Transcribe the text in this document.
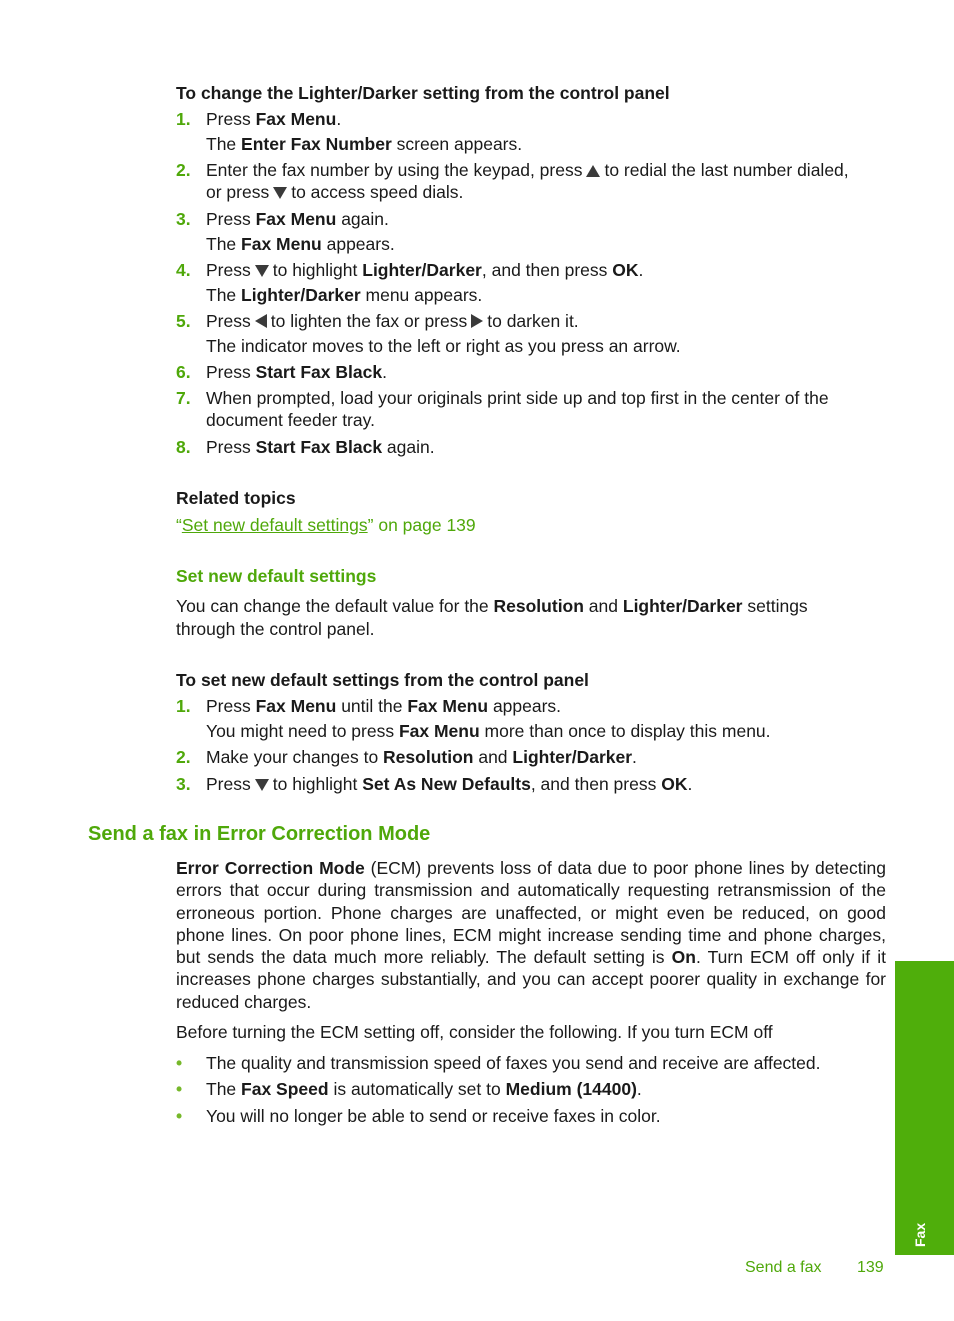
To change the Lighter/Darker setting from the control panel
1. Press Fax Menu.
The Enter Fax Number screen appears.
2. Enter the fax number by using the keypad, press to redial the last number dialed,
or press to access speed dials.
3. Press Fax Menu again.
The Fax Menu appears.
4. Press to highlight Lighter/Darker, and then press OK.
The Lighter/Darker menu appears.
5. Press to lighten the fax or press to darken it.
The indicator moves to the left or right as you press an arrow.
6. Press Start Fax Black.
7. When prompted, load your originals print side up and top first in the center of the
document feeder tray.
8. Press Start Fax Black again.
Related topics
“Set new default settings” on page 139
Set new default settings
You can change the default value for the Resolution and Lighter/Darker settings
through the control panel.
To set new default settings from the control panel
1. Press Fax Menu until the Fax Menu appears.
You might need to press Fax Menu more than once to display this menu.
2. Make your changes to Resolution and Lighter/Darker.
3. Press to highlight Set As New Defaults, and then press OK.
Send a fax in Error Correction Mode
Error Correction Mode (ECM) prevents loss of data due to poor phone lines by detecting errors that occur during transmission and automatically requesting retransmission of the erroneous portion. Phone charges are unaffected, or might even be reduced, on good phone lines. On poor phone lines, ECM might increase sending time and phone charges, but sends the data much more reliably. The default setting is On. Turn ECM off only if it increases phone charges substantially, and you can accept poorer quality in exchange for reduced charges.
Before turning the ECM setting off, consider the following. If you turn ECM off
• The quality and transmission speed of faxes you send and receive are affected.
• The Fax Speed is automatically set to Medium (14400).
• You will no longer be able to send or receive faxes in color.
Fax
Send a fax 139
